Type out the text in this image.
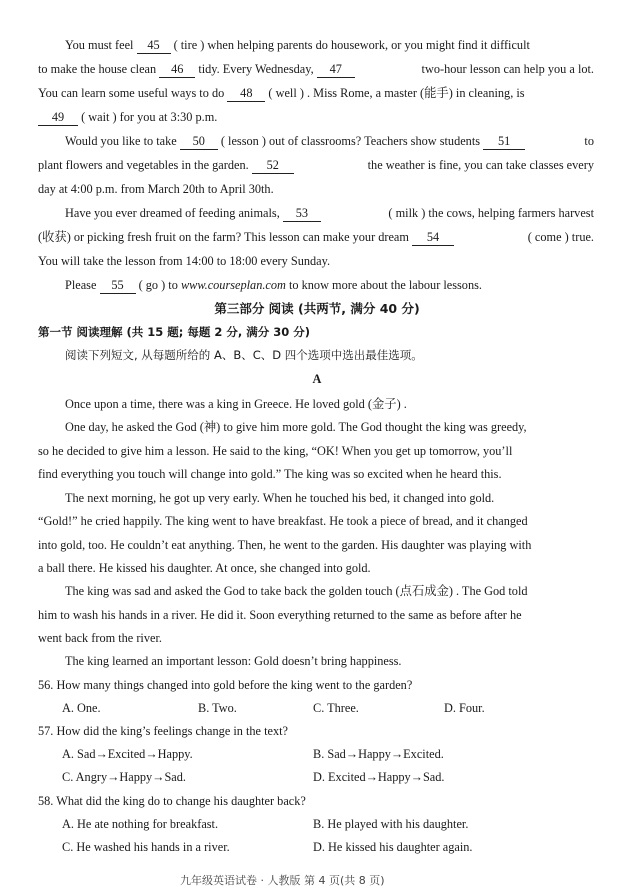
You must feel 45 ( tire ) when helping parents do housework, or you might find it difficult
to make the house clean 46 tidy. Every Wednesday, 47	two-hour lesson can help you a lot.
You can learn some useful ways to do 48 ( well ) . Miss Rome, a master (能手) in cleaning, is
49 ( wait ) for you at 3:30 p.m.
Would you like to take 50 ( lesson ) out of classrooms? Teachers show students 51	to
plant flowers and vegetables in the garden. 52	the weather is fine, you can take classes every
day at 4:00 p.m. from March 20th to April 30th.
Have you ever dreamed of feeding animals, 53	( milk ) the cows, helping farmers harvest
(收获) or picking fresh fruit on the farm? This lesson can make your dream 54	( come ) true.
You will take the lesson from 14:00 to 18:00 every Sunday.
Please 55 ( go ) to www.courseplan.com to know more about the labour lessons.
第三部分 阅读 (共两节, 满分 40 分)
第一节 阅读理解 (共 15 题; 每题 2 分, 满分 30 分)
阅读下列短文, 从每题所给的 A、B、C、D 四个选项中选出最佳选项。
A
Once upon a time, there was a king in Greece. He loved gold (金子) .
One day, he asked the God (神) to give him more gold. The God thought the king was greedy,
so he decided to give him a lesson. He said to the king, “OK! When you get up tomorrow, you’ll
find everything you touch will change into gold.” The king was so excited when he heard this.
The next morning, he got up very early. When he touched his bed, it changed into gold.
“Gold!” he cried happily. The king went to have breakfast. He took a piece of bread, and it changed
into gold, too. He couldn’t eat anything. Then, he went to the garden. His daughter was playing with
a ball there. He kissed his daughter. At once, she changed into gold.
The king was sad and asked the God to take back the golden touch (点石成金) . The God told
him to wash his hands in a river. He did it. Soon everything returned to the same as before after he
went back from the river.
The king learned an important lesson: Gold doesn’t bring happiness.
56. How many things changed into gold before the king went to the garden?
A. One.	B. Two.	C. Three.	D. Four.
57. How did the king’s feelings change in the text?
A. Sad→Excited→Happy.	B. Sad→Happy→Excited.
C. Angry→Happy→Sad.	D. Excited→Happy→Sad.
58. What did the king do to change his daughter back?
A. He ate nothing for breakfast.	B. He played with his daughter.
C. He washed his hands in a river.	D. He kissed his daughter again.
九年级英语试卷 · 人教版 第 4 页(共 8 页)
